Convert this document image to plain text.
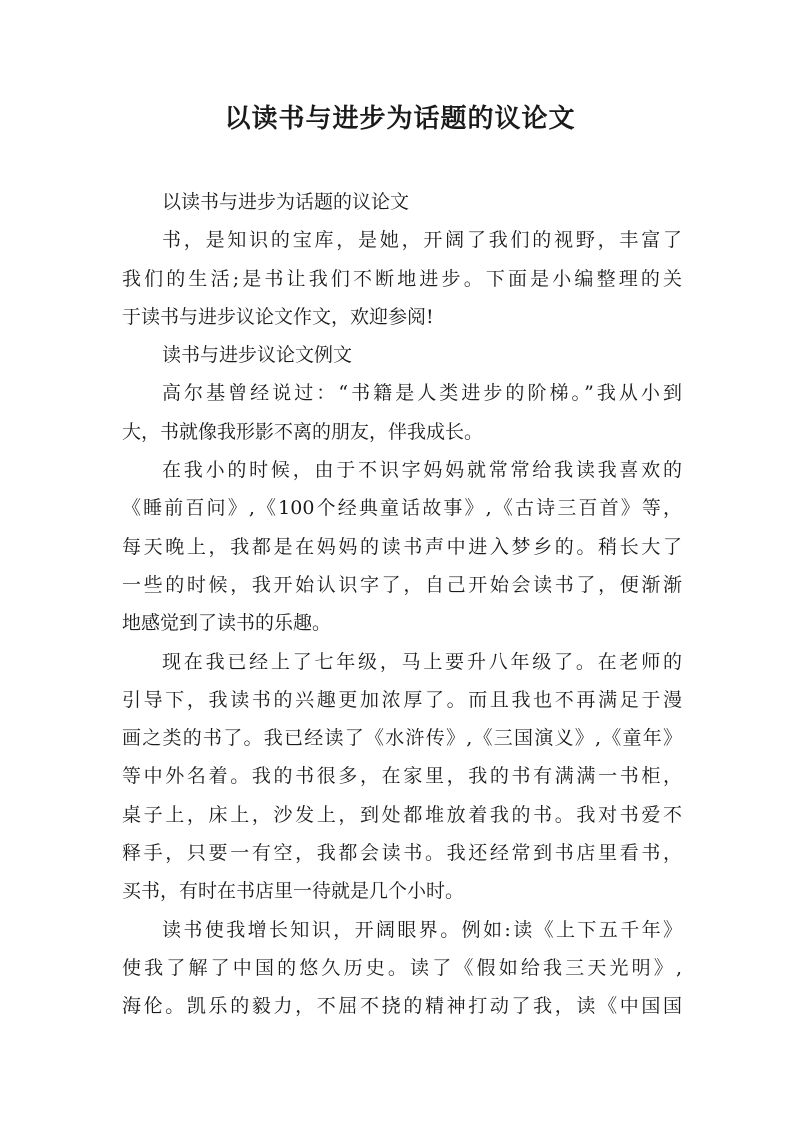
以读书与进步为话题的议论文

以读书与进步为话题的议论文

书，是知识的宝库，是她，开阔了我们的视野，丰富了

我们的生活;是书让我们不断地进步。下面是小编整理的关

于读书与进步议论文作文，欢迎参阅!

读书与进步议论文例文

高尔基曾经说过：“书籍是人类进步的阶梯。”我从小到

大，书就像我形影不离的朋友，伴我成长。

在我小的时候，由于不识字妈妈就常常给我读我喜欢的

《睡前百问》,《100个经典童话故事》,《古诗三百首》等，

每天晚上，我都是在妈妈的读书声中进入梦乡的。稍长大了

一些的时候，我开始认识字了，自己开始会读书了，便渐渐

地感觉到了读书的乐趣。

现在我已经上了七年级，马上要升八年级了。在老师的

引导下，我读书的兴趣更加浓厚了。而且我也不再满足于漫

画之类的书了。我已经读了《水浒传》,《三国演义》,《童年》

等中外名着。我的书很多，在家里，我的书有满满一书柜，

桌子上，床上，沙发上，到处都堆放着我的书。我对书爱不

释手，只要一有空，我都会读书。我还经常到书店里看书，

买书，有时在书店里一待就是几个小时。

读书使我增长知识，开阔眼界。例如:读《上下五千年》

使我了解了中国的悠久历史。读了《假如给我三天光明》,

海伦。凯乐的毅力，不屈不挠的精神打动了我，读《中国国
